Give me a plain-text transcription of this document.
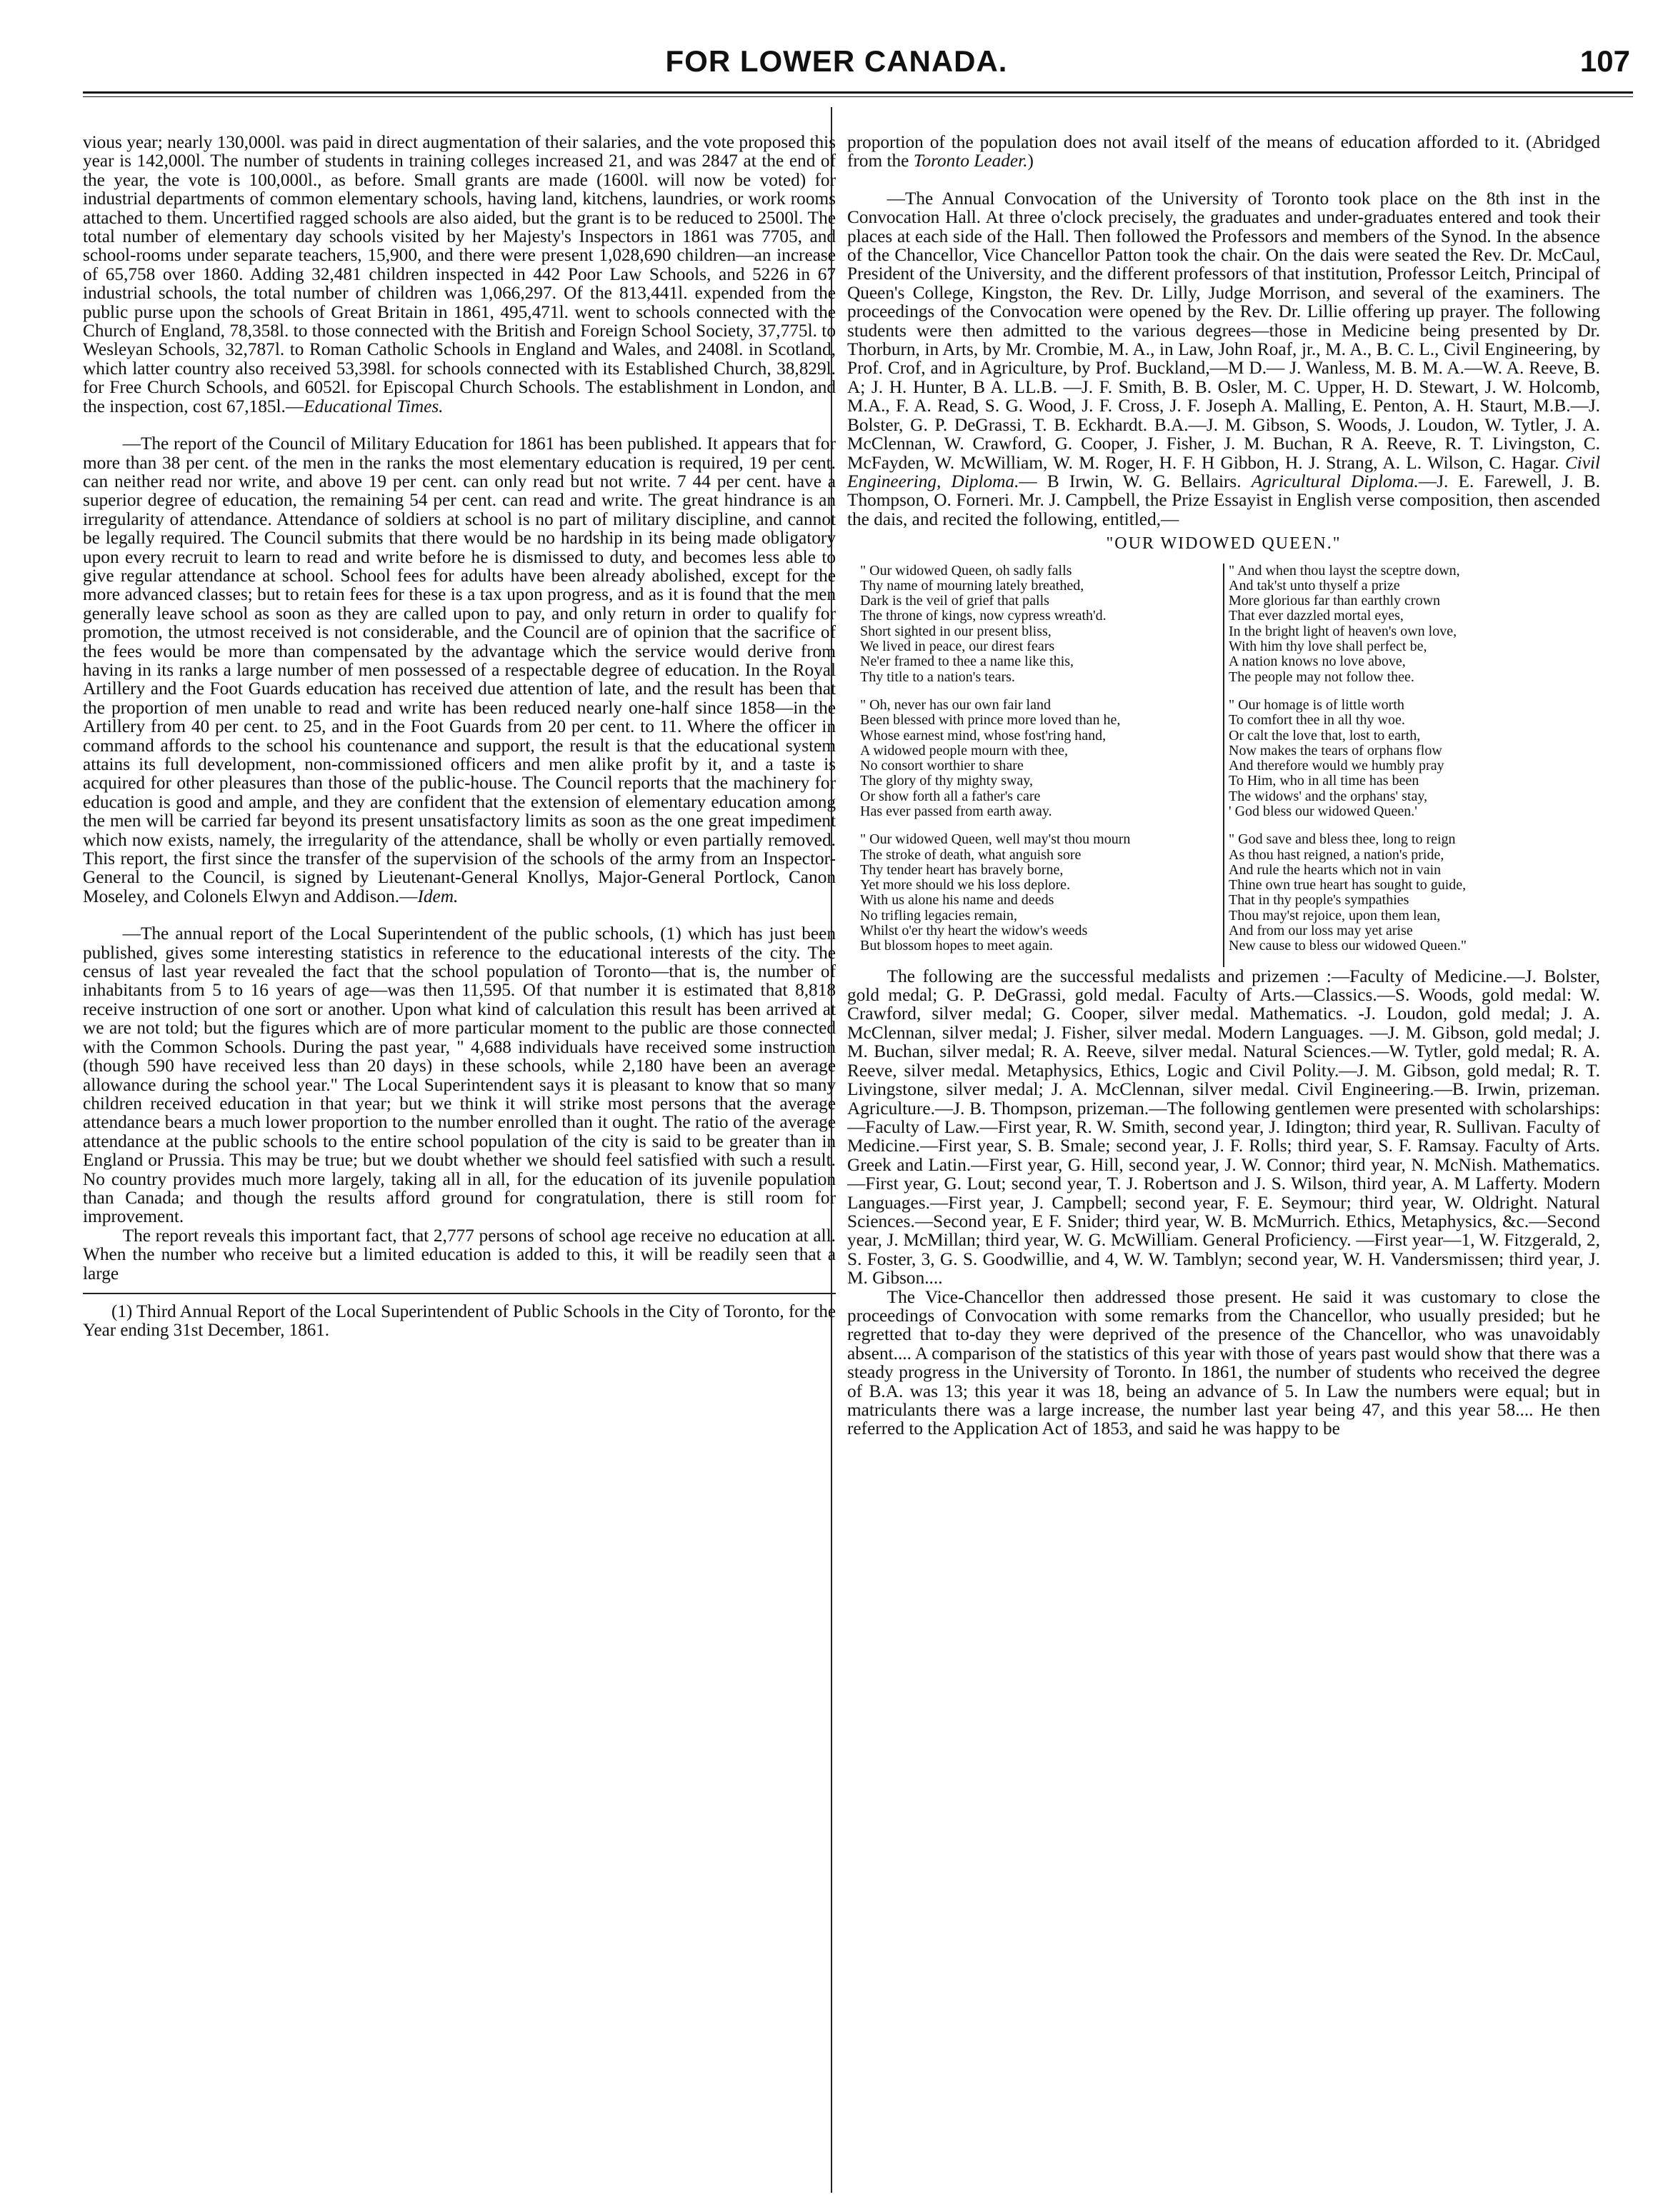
FOR LOWER CANADA.	107

vious year; nearly 130,000l. was paid in direct augmentation of their salaries, and the vote proposed this year is 142,000l. The number of students in training colleges increased 21, and was 2847 at the end of the year, the vote is 100,000l., as before. Small grants are made (1600l. will now be voted) for industrial departments of common elementary schools, having land, kitchens, laundries, or work rooms attached to them. Uncertified ragged schools are also aided, but the grant is to be reduced to 2500l. The total number of elementary day schools visited by her Majesty's Inspectors in 1861 was 7705, and school-rooms under separate teachers, 15,900, and there were present 1,028,690 children—an increase of 65,758 over 1860. Adding 32,481 children inspected in 442 Poor Law Schools, and 5226 in 67 industrial schools, the total number of children was 1,066,297. Of the 813,441l. expended from the public purse upon the schools of Great Britain in 1861, 495,471l. went to schools connected with the Church of England, 78,358l. to those connected with the British and Foreign School Society, 37,775l. to Wesleyan Schools, 32,787l. to Roman Catholic Schools in England and Wales, and 2408l. in Scotland, which latter country also received 53,398l. for schools connected with its Established Church, 38,829l. for Free Church Schools, and 6052l. for Episcopal Church Schools. The establishment in London, and the inspection, cost 67,185l.—Educational Times.

—The report of the Council of Military Education for 1861 has been published. It appears that for more than 38 per cent. of the men in the ranks the most elementary education is required, 19 per cent. can neither read nor write, and above 19 per cent. can only read but not write. 7 44 per cent. have a superior degree of education, the remaining 54 per cent. can read and write. The great hindrance is an irregularity of attendance. Attendance of soldiers at school is no part of military discipline, and cannot be legally required. The Council submits that there would be no hardship in its being made obligatory upon every recruit to learn to read and write before he is dismissed to duty, and becomes less able to give regular attendance at school. School fees for adults have been already abolished, except for the more advanced classes; but to retain fees for these is a tax upon progress, and as it is found that the men generally leave school as soon as they are called upon to pay, and only return in order to qualify for promotion, the utmost received is not considerable, and the Council are of opinion that the sacrifice of the fees would be more than compensated by the advantage which the service would derive from having in its ranks a large number of men possessed of a respectable degree of education. In the Royal Artillery and the Foot Guards education has received due attention of late, and the result has been that the proportion of men unable to read and write has been reduced nearly one-half since 1858—in the Artillery from 40 per cent. to 25, and in the Foot Guards from 20 per cent. to 11. Where the officer in command affords to the school his countenance and support, the result is that the educational system attains its full development, non-commissioned officers and men alike profit by it, and a taste is acquired for other pleasures than those of the public-house. The Council reports that the machinery for education is good and ample, and they are confident that the extension of elementary education among the men will be carried far beyond its present unsatisfactory limits as soon as the one great impediment which now exists, namely, the irregularity of the attendance, shall be wholly or even partially removed. This report, the first since the transfer of the supervision of the schools of the army from an Inspector-General to the Council, is signed by Lieutenant-General Knollys, Major-General Portlock, Canon Moseley, and Colonels Elwyn and Addison.—Idem.

—The annual report of the Local Superintendent of the public schools, (1) which has just been published, gives some interesting statistics in reference to the educational interests of the city. The census of last year revealed the fact that the school population of Toronto—that is, the number of inhabitants from 5 to 16 years of age—was then 11,595. Of that number it is estimated that 8,818 receive instruction of one sort or another. Upon what kind of calculation this result has been arrived at we are not told; but the figures which are of more particular moment to the public are those connected with the Common Schools. During the past year, " 4,688 individuals have received some instruction (though 590 have received less than 20 days) in these schools, while 2,180 have been an average allowance during the school year." The Local Superintendent says it is pleasant to know that so many children received education in that year; but we think it will strike most persons that the average attendance bears a much lower proportion to the number enrolled than it ought. The ratio of the average attendance at the public schools to the entire school population of the city is said to be greater than in England or Prussia. This may be true; but we doubt whether we should feel satisfied with such a result. No country provides much more largely, taking all in all, for the education of its juvenile population than Canada; and though the results afford ground for congratulation, there is still room for improvement.

The report reveals this important fact, that 2,777 persons of school age receive no education at all. When the number who receive but a limited education is added to this, it will be readily seen that a large

(1) Third Annual Report of the Local Superintendent of Public Schools in the City of Toronto, for the Year ending 31st December, 1861.

proportion of the population does not avail itself of the means of education afforded to it. (Abridged from the Toronto Leader.)

—The Annual Convocation of the University of Toronto took place on the 8th inst in the Convocation Hall. At three o'clock precisely, the graduates and under-graduates entered and took their places at each side of the Hall. Then followed the Professors and members of the Synod. In the absence of the Chancellor, Vice Chancellor Patton took the chair. On the dais were seated the Rev. Dr. McCaul, President of the University, and the different professors of that institution, Professor Leitch, Principal of Queen's College, Kingston, the Rev. Dr. Lilly, Judge Morrison, and several of the examiners. The proceedings of the Convocation were opened by the Rev. Dr. Lillie offering up prayer. The following students were then admitted to the various degrees—those in Medicine being presented by Dr. Thorburn, in Arts, by Mr. Crombie, M. A., in Law, John Roaf, jr., M. A., B. C. L., Civil Engineering, by Prof. Crof, and in Agriculture, by Prof. Buckland,—M D.— J. Wanless, M. B. M. A.—W. A. Reeve, B. A; J. H. Hunter, B A. LL.B. —J. F. Smith, B. B. Osler, M. C. Upper, H. D. Stewart, J. W. Holcomb, M.A., F. A. Read, S. G. Wood, J. F. Cross, J. F. Joseph A. Malling, E. Penton, A. H. Staurt, M.B.—J. Bolster, G. P. DeGrassi, T. B. Eckhardt. B.A.—J. M. Gibson, S. Woods, J. Loudon, W. Tytler, J. A. McClennan, W. Crawford, G. Cooper, J. Fisher, J. M. Buchan, R A. Reeve, R. T. Livingston, C. McFayden, W. McWilliam, W. M. Roger, H. F. H Gibbon, H. J. Strang, A. L. Wilson, C. Hagar. Civil Engineering, Diploma.— B Irwin, W. G. Bellairs. Agricultural Diploma.—J. E. Farewell, J. B. Thompson, O. Forneri. Mr. J. Campbell, the Prize Essayist in English verse composition, then ascended the dais, and recited the following, entitled,—

"OUR WIDOWED QUEEN."
" Our widowed Queen, oh sadly falls
Thy name of mourning lately breathed,
Dark is the veil of grief that palls
The throne of kings, now cypress wreath'd.
Short sighted in our present bliss,
We lived in peace, our direst fears
Ne'er framed to thee a name like this,
Thy title to a nation's tears.
" Oh, never has our own fair land
Been blessed with prince more loved than he,
Whose earnest mind, whose fost'ring hand,
A widowed people mourn with thee,
No consort worthier to share
The glory of thy mighty sway,
Or show forth all a father's care
Has ever passed from earth away.
" Our widowed Queen, well may'st thou mourn
The stroke of death, what anguish sore
Thy tender heart has bravely borne,
Yet more should we his loss deplore.
With us alone his name and deeds
No trifling legacies remain,
Whilst o'er thy heart the widow's weeds
But blossom hopes to meet again.
" And when thou layst the sceptre down,
And tak'st unto thyself a prize
More glorious far than earthly crown
That ever dazzled mortal eyes,
In the bright light of heaven's own love,
With him thy love shall perfect be,
A nation knows no love above,
The people may not follow thee.
" Our homage is of little worth
To comfort thee in all thy woe.
Or calt the love that, lost to earth,
Now makes the tears of orphans flow
And therefore would we humbly pray
To Him, who in all time has been
The widows' and the orphans' stay,
' God bless our widowed Queen.'
" God save and bless thee, long to reign
As thou hast reigned, a nation's pride,
And rule the hearts which not in vain
Thine own true heart has sought to guide,
That in thy people's sympathies
Thou may'st rejoice, upon them lean,
And from our loss may yet arise
New cause to bless our widowed Queen."

The following are the successful medalists and prizemen :—Faculty of Medicine.—J. Bolster, gold medal; G. P. DeGrassi, gold medal. Faculty of Arts.—Classics.—S. Woods, gold medal: W. Crawford, silver medal; G. Cooper, silver medal. Mathematics. -J. Loudon, gold medal; J. A. McClennan, silver medal; J. Fisher, silver medal. Modern Languages. —J. M. Gibson, gold medal; J. M. Buchan, silver medal; R. A. Reeve, silver medal. Natural Sciences.—W. Tytler, gold medal; R. A. Reeve, silver medal. Metaphysics, Ethics, Logic and Civil Polity.—J. M. Gibson, gold medal; R. T. Livingstone, silver medal; J. A. McClennan, silver medal. Civil Engineering.—B. Irwin, prizeman. Agriculture.—J. B. Thompson, prizeman.—The following gentlemen were presented with scholarships:—Faculty of Law.—First year, R. W. Smith, second year, J. Idington; third year, R. Sullivan. Faculty of Medicine.—First year, S. B. Smale; second year, J. F. Rolls; third year, S. F. Ramsay. Faculty of Arts. Greek and Latin.—First year, G. Hill, second year, J. W. Connor; third year, N. McNish. Mathematics.—First year, G. Lout; second year, T. J. Robertson and J. S. Wilson, third year, A. M Lafferty. Modern Languages.—First year, J. Campbell; second year, F. E. Seymour; third year, W. Oldright. Natural Sciences.—Second year, E F. Snider; third year, W. B. McMurrich. Ethics, Metaphysics, &c.—Second year, J. McMillan; third year, W. G. McWilliam. General Proficiency. —First year—1, W. Fitzgerald, 2, S. Foster, 3, G. S. Goodwillie, and 4, W. W. Tamblyn; second year, W. H. Vandersmissen; third year, J. M. Gibson....

The Vice-Chancellor then addressed those present. He said it was customary to close the proceedings of Convocation with some remarks from the Chancellor, who usually presided; but he regretted that to-day they were deprived of the presence of the Chancellor, who was unavoidably absent.... A comparison of the statistics of this year with those of years past would show that there was a steady progress in the University of Toronto. In 1861, the number of students who received the degree of B.A. was 13; this year it was 18, being an advance of 5. In Law the numbers were equal; but in matriculants there was a large increase, the number last year being 47, and this year 58.... He then referred to the Application Act of 1853, and said he was happy to be
